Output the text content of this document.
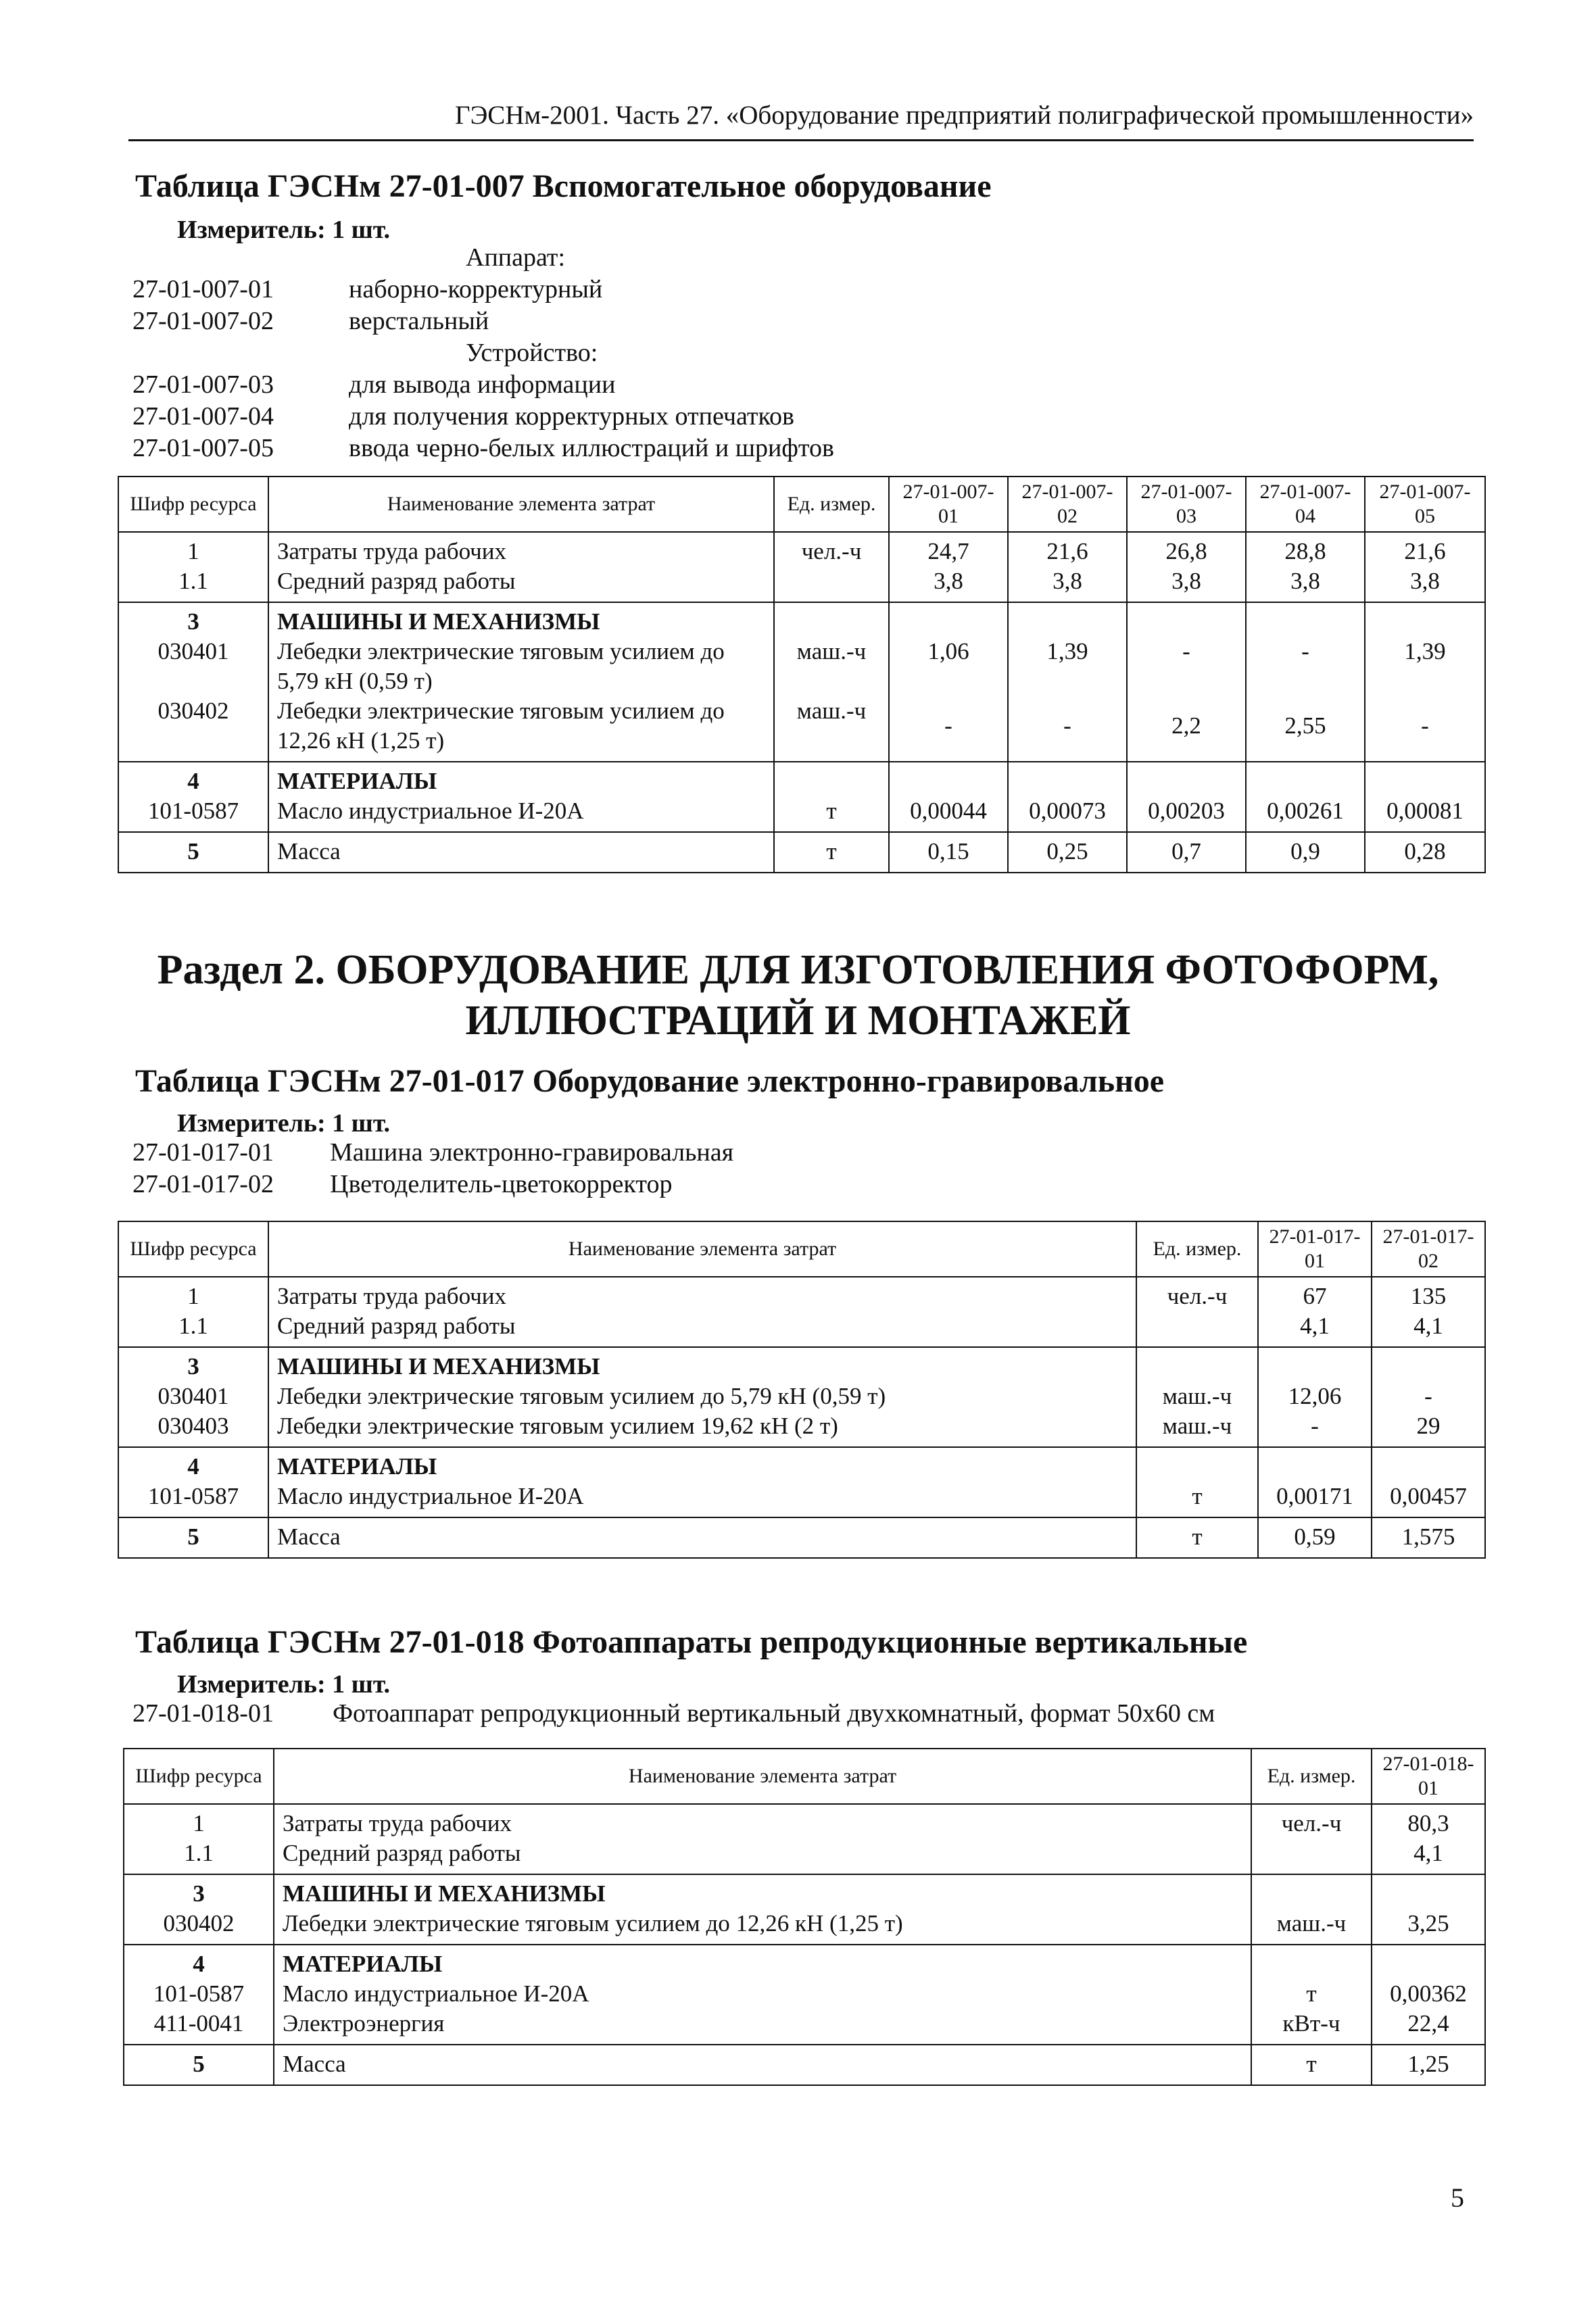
ГЭСНм-2001. Часть 27. «Оборудование предприятий полиграфической промышленности»
Таблица ГЭСНм 27-01-007 Вспомогательное оборудование
Измеритель: 1 шт.
Аппарат:
27-01-007-01	наборно-корректурный
27-01-007-02	верстальный
Устройство:
27-01-007-03	для вывода информации
27-01-007-04	для получения корректурных отпечатков
27-01-007-05	ввода черно-белых иллюстраций и шрифтов
Шифр ресурса	Наименование элемента затрат	Ед. измер.	27-01-007-01	27-01-007-02	27-01-007-03	27-01-007-04	27-01-007-05
1	Затраты труда рабочих	чел.-ч	24,7	21,6	26,8	28,8	21,6
1.1	Средний разряд работы		3,8	3,8	3,8	3,8	3,8
3	МАШИНЫ И МЕХАНИЗМЫ						
030401	Лебедки электрические тяговым усилием до 5,79 кН (0,59 т)	маш.-ч	1,06	1,39	-	-	1,39
030402	Лебедки электрические тяговым усилием до 12,26 кН (1,25 т)	маш.-ч	-	-	2,2	2,55	-
4	МАТЕРИАЛЫ						
101-0587	Масло индустриальное И-20А	т	0,00044	0,00073	0,00203	0,00261	0,00081
5	Масса	т	0,15	0,25	0,7	0,9	0,28
Раздел 2. ОБОРУДОВАНИЕ ДЛЯ ИЗГОТОВЛЕНИЯ ФОТОФОРМ,
ИЛЛЮСТРАЦИЙ И МОНТАЖЕЙ
Таблица ГЭСНм 27-01-017 Оборудование электронно-гравировальное
Измеритель: 1 шт.
27-01-017-01	Машина электронно-гравировальная
27-01-017-02	Цветоделитель-цветокорректор
Шифр ресурса	Наименование элемента затрат	Ед. измер.	27-01-017-01	27-01-017-02
1	Затраты труда рабочих	чел.-ч	67	135
1.1	Средний разряд работы		4,1	4,1
3	МАШИНЫ И МЕХАНИЗМЫ			
030401	Лебедки электрические тяговым усилием до 5,79 кН (0,59 т)	маш.-ч	12,06	-
030403	Лебедки электрические тяговым усилием 19,62 кН (2 т)	маш.-ч	-	29
4	МАТЕРИАЛЫ			
101-0587	Масло индустриальное И-20А	т	0,00171	0,00457
5	Масса	т	0,59	1,575
Таблица ГЭСНм 27-01-018 Фотоаппараты репродукционные вертикальные
Измеритель: 1 шт.
27-01-018-01	Фотоаппарат репродукционный вертикальный двухкомнатный, формат 50х60 см
Шифр ресурса	Наименование элемента затрат	Ед. измер.	27-01-018-01
1	Затраты труда рабочих	чел.-ч	80,3
1.1	Средний разряд работы		4,1
3	МАШИНЫ И МЕХАНИЗМЫ		
030402	Лебедки электрические тяговым усилием до 12,26 кН (1,25 т)	маш.-ч	3,25
4	МАТЕРИАЛЫ		
101-0587	Масло индустриальное И-20А	т	0,00362
411-0041	Электроэнергия	кВт-ч	22,4
5	Масса	т	1,25
5
